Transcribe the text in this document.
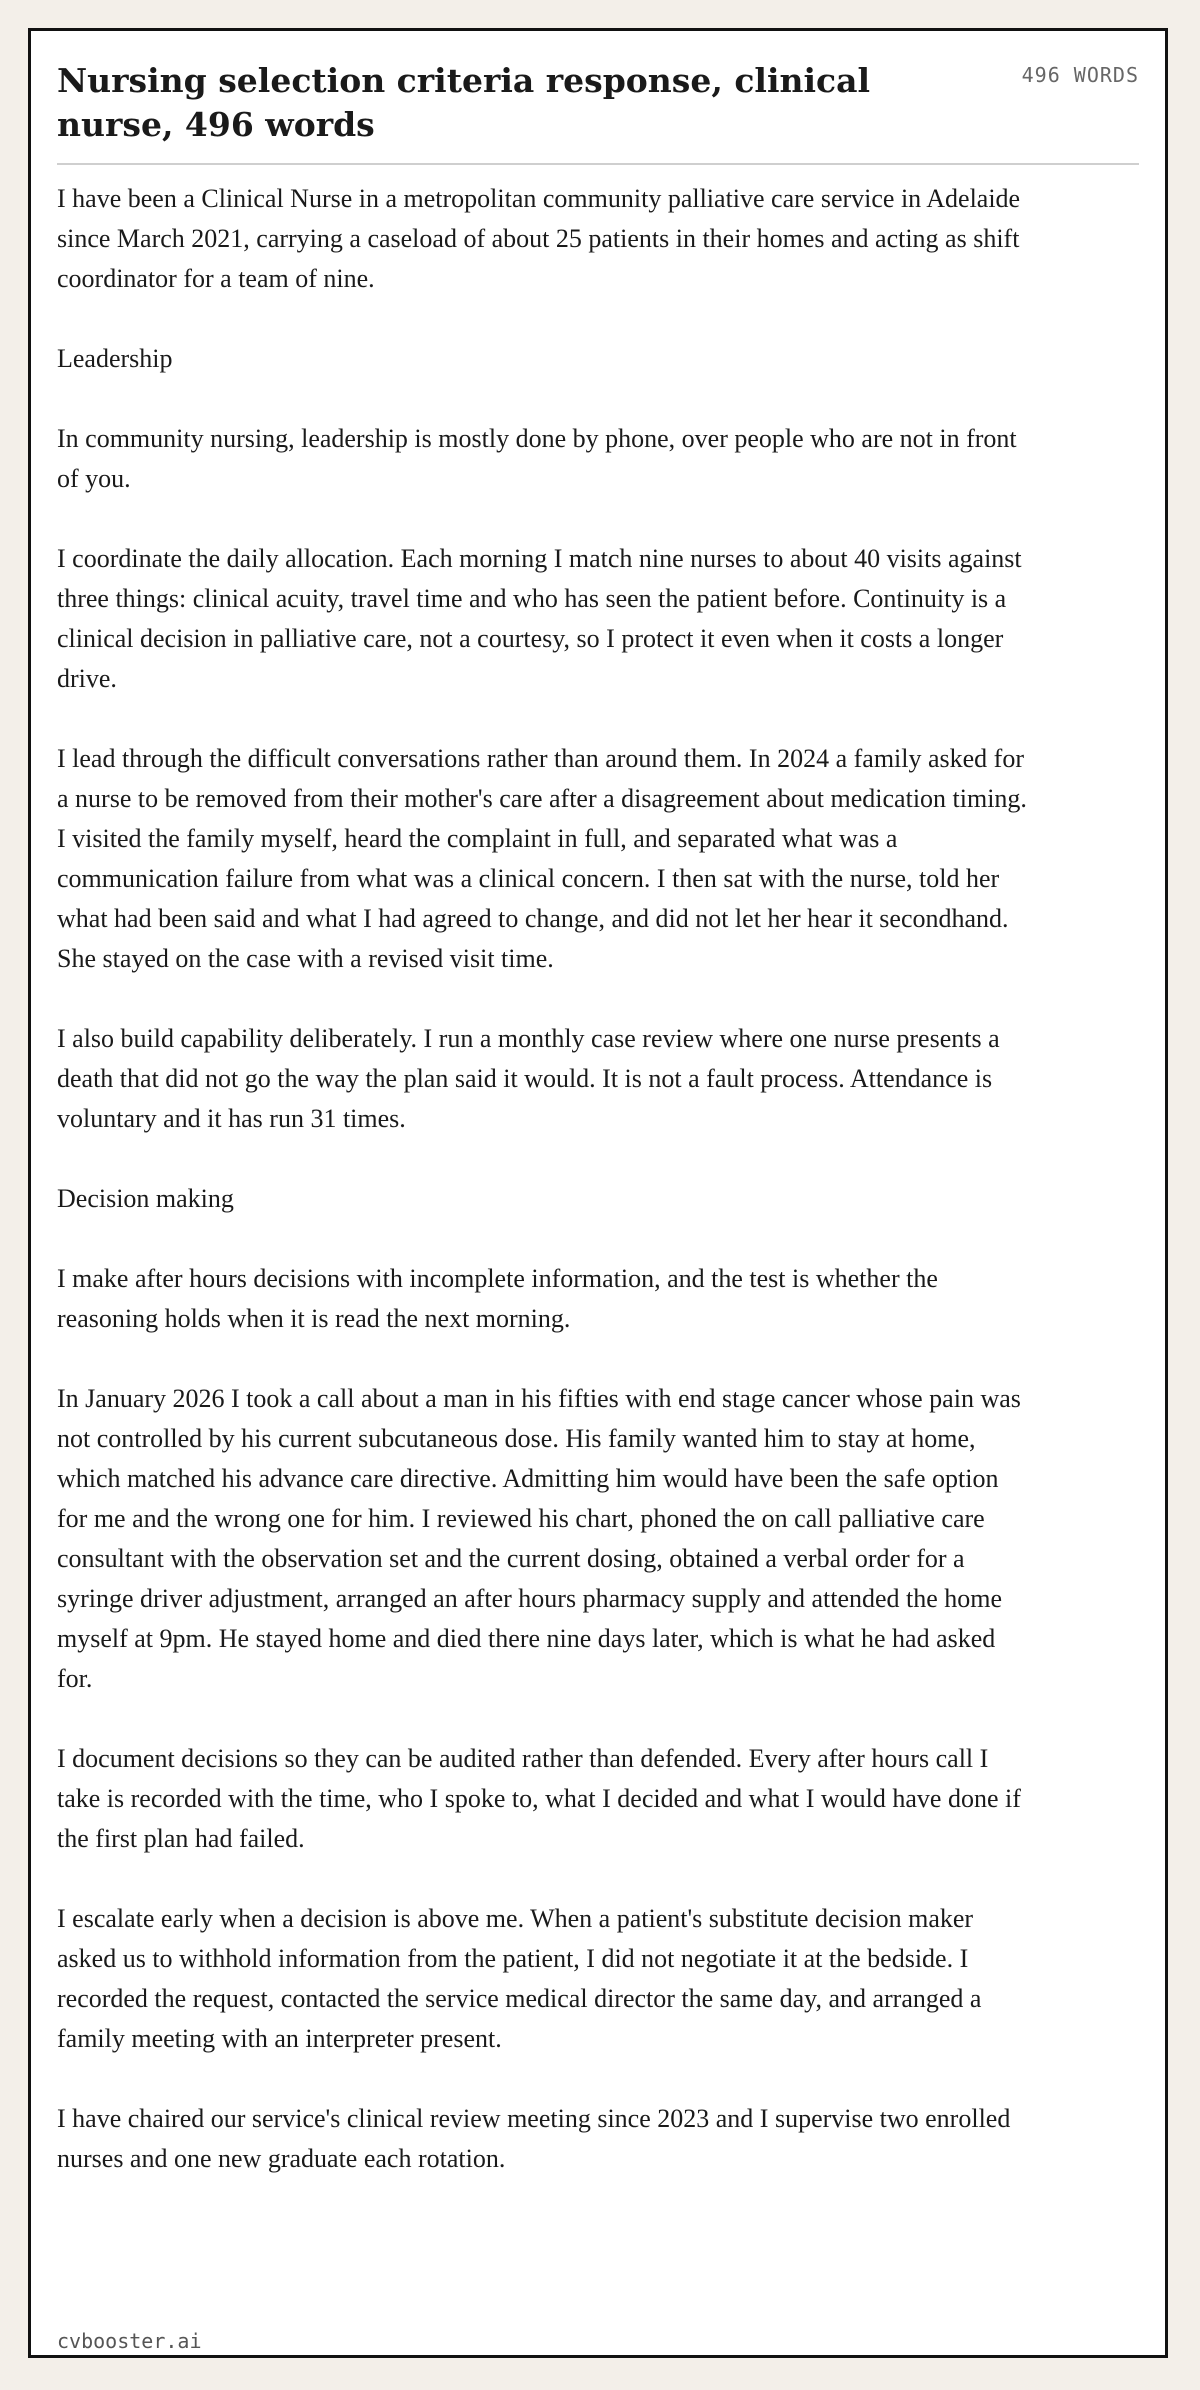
Nursing selection criteria response, clinical nurse, 496 words
496 WORDS

I have been a Clinical Nurse in a metropolitan community palliative care service in Adelaide since March 2021, carrying a caseload of about 25 patients in their homes and acting as shift coordinator for a team of nine.

Leadership

In community nursing, leadership is mostly done by phone, over people who are not in front of you.

I coordinate the daily allocation. Each morning I match nine nurses to about 40 visits against three things: clinical acuity, travel time and who has seen the patient before. Continuity is a clinical decision in palliative care, not a courtesy, so I protect it even when it costs a longer drive.

I lead through the difficult conversations rather than around them. In 2024 a family asked for a nurse to be removed from their mother's care after a disagreement about medication timing. I visited the family myself, heard the complaint in full, and separated what was a communication failure from what was a clinical concern. I then sat with the nurse, told her what had been said and what I had agreed to change, and did not let her hear it secondhand. She stayed on the case with a revised visit time.

I also build capability deliberately. I run a monthly case review where one nurse presents a death that did not go the way the plan said it would. It is not a fault process. Attendance is voluntary and it has run 31 times.

Decision making

I make after hours decisions with incomplete information, and the test is whether the reasoning holds when it is read the next morning.

In January 2026 I took a call about a man in his fifties with end stage cancer whose pain was not controlled by his current subcutaneous dose. His family wanted him to stay at home, which matched his advance care directive. Admitting him would have been the safe option for me and the wrong one for him. I reviewed his chart, phoned the on call palliative care consultant with the observation set and the current dosing, obtained a verbal order for a syringe driver adjustment, arranged an after hours pharmacy supply and attended the home myself at 9pm. He stayed home and died there nine days later, which is what he had asked for.

I document decisions so they can be audited rather than defended. Every after hours call I take is recorded with the time, who I spoke to, what I decided and what I would have done if the first plan had failed.

I escalate early when a decision is above me. When a patient's substitute decision maker asked us to withhold information from the patient, I did not negotiate it at the bedside. I recorded the request, contacted the service medical director the same day, and arranged a family meeting with an interpreter present.

I have chaired our service's clinical review meeting since 2023 and I supervise two enrolled nurses and one new graduate each rotation.

cvbooster.ai
